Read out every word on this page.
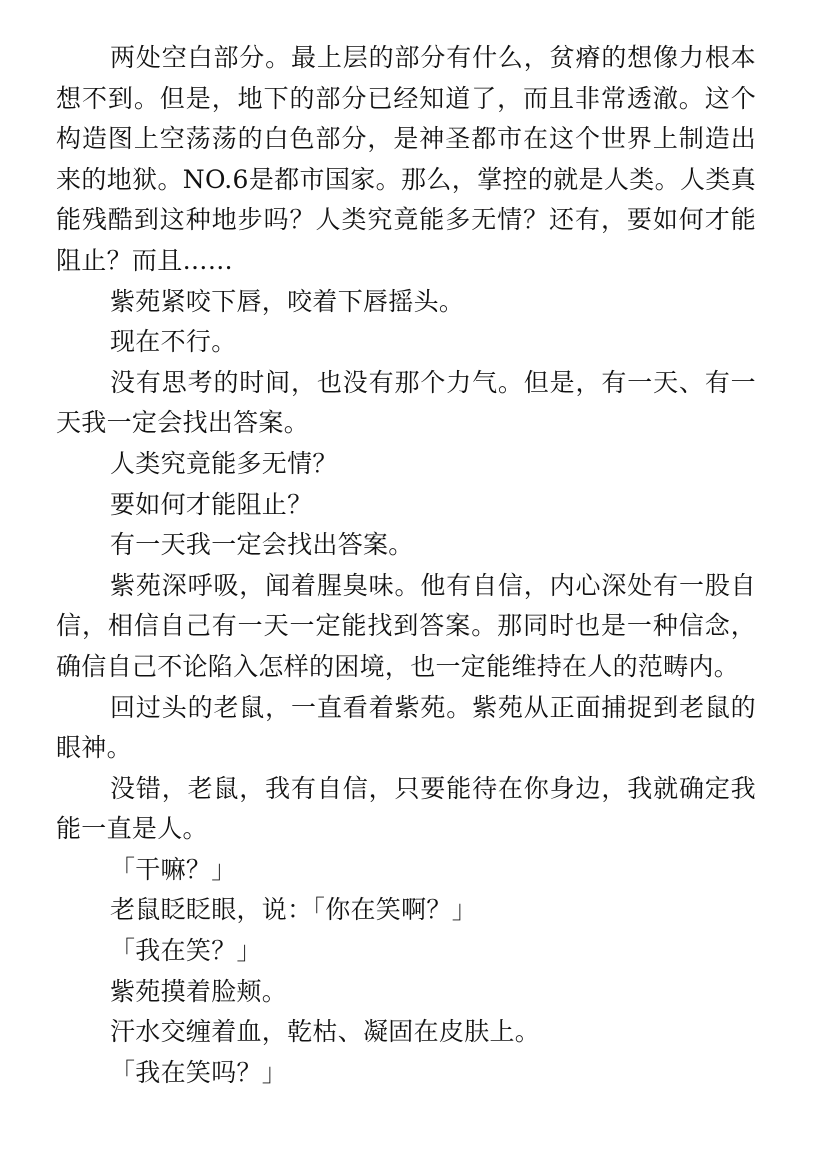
两处空白部分。最上层的部分有什么，贫瘠的想像力根本想不到。但是，地下的部分已经知道了，而且非常透澈。这个构造图上空荡荡的白色部分，是神圣都市在这个世界上制造出来的地狱。NO.6是都市国家。那么，掌控的就是人类。人类真能残酷到这种地步吗？人类究竟能多无情？还有，要如何才能阻止？而且……

紫苑紧咬下唇，咬着下唇摇头。

现在不行。

没有思考的时间，也没有那个力气。但是，有一天、有一天我一定会找出答案。

人类究竟能多无情？

要如何才能阻止？

有一天我一定会找出答案。

紫苑深呼吸，闻着腥臭味。他有自信，内心深处有一股自信，相信自己有一天一定能找到答案。那同时也是一种信念，确信自己不论陷入怎样的困境，也一定能维持在人的范畴内。

回过头的老鼠，一直看着紫苑。紫苑从正面捕捉到老鼠的眼神。

没错，老鼠，我有自信，只要能待在你身边，我就确定我能一直是人。

「干嘛？」

老鼠眨眨眼，说：「你在笑啊？」

「我在笑？」

紫苑摸着脸颊。

汗水交缠着血，乾枯、凝固在皮肤上。

「我在笑吗？」
